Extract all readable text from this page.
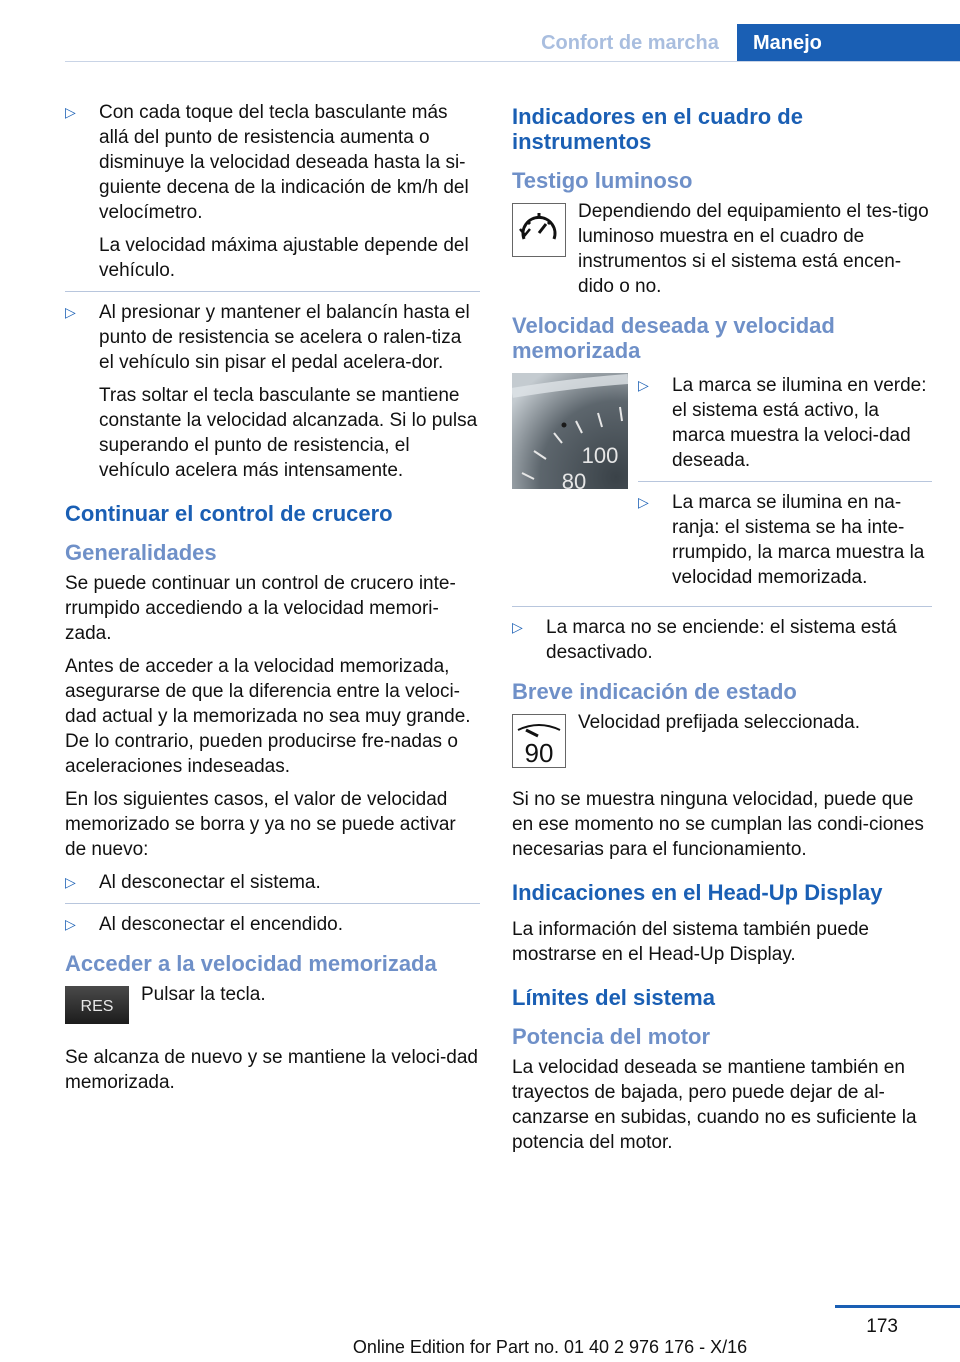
Confort de marcha	Manejo
▷ Con cada toque del tecla basculante más allá del punto de resistencia aumenta o disminuye la velocidad deseada hasta la si-guiente decena de la indicación de km/h del velocímetro.

La velocidad máxima ajustable depende del vehículo.

▷ Al presionar y mantener el balancín hasta el punto de resistencia se acelera o ralen-tiza el vehículo sin pisar el pedal acelera-dor.

Tras soltar el tecla basculante se mantiene constante la velocidad alcanzada. Si lo pulsa superando el punto de resistencia, el vehículo acelera más intensamente.

Continuar el control de crucero
Generalidades

Se puede continuar un control de crucero inte-rrumpido accediendo a la velocidad memori-zada.

Antes de acceder a la velocidad memorizada, asegurarse de que la diferencia entre la veloci-dad actual y la memorizada no sea muy grande. De lo contrario, pueden producirse fre-nadas o aceleraciones indeseadas.

En los siguientes casos, el valor de velocidad memorizado se borra y ya no se puede activar de nuevo:

▷ Al desconectar el sistema.

▷ Al desconectar el encendido.

Acceder a la velocidad memorizada
RES
Pulsar la tecla.

Se alcanza de nuevo y se mantiene la veloci-dad memorizada.

Indicadores en el cuadro de instrumentos
Testigo luminoso
Dependiendo del equipamiento el tes-tigo luminoso muestra en el cuadro de instrumentos si el sistema está encen-dido o no.
Velocidad deseada y velocidad memorizada
100
80
▷ La marca se ilumina en verde: el sistema está activo, la marca muestra la veloci-dad deseada.

▷ La marca se ilumina en na-ranja: el sistema se ha inte-rrumpido, la marca muestra la velocidad memorizada.

▷ La marca no se enciende: el sistema está desactivado.

Breve indicación de estado
90
Velocidad prefijada seleccionada.

Si no se muestra ninguna velocidad, puede que en ese momento no se cumplan las condi-ciones necesarias para el funcionamiento.

Indicaciones en el Head-Up Display

La información del sistema también puede mostrarse en el Head-Up Display.

Límites del sistema
Potencia del motor

La velocidad deseada se mantiene también en trayectos de bajada, pero puede dejar de al-canzarse en subidas, cuando no es suficiente la potencia del motor.

173
Online Edition for Part no. 01 40 2 976 176 - X/16
